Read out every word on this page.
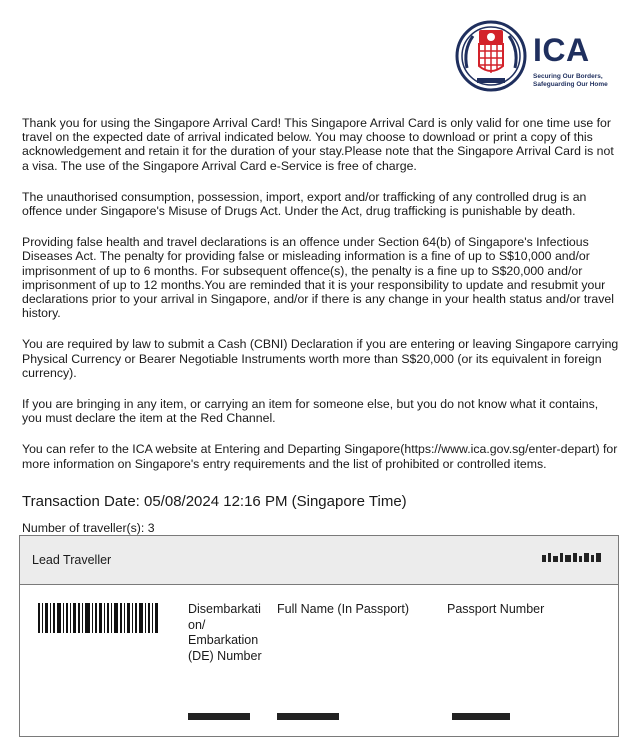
ICA
Securing Our Borders,
Safeguarding Our Home

Thank you for using the Singapore Arrival Card! This Singapore Arrival Card is only valid for one time use for travel on the expected date of arrival indicated below. You may choose to download or print a copy of this acknowledgement and retain it for the duration of your stay.Please note that the Singapore Arrival Card is not a visa. The use of the Singapore Arrival Card e-Service is free of charge.

The unauthorised consumption, possession, import, export and/or trafficking of any controlled drug is an offence under Singapore's Misuse of Drugs Act. Under the Act, drug trafficking is punishable by death.

Providing false health and travel declarations is an offence under Section 64(b) of Singapore's Infectious Diseases Act. The penalty for providing false or misleading information is a fine of up to S$10,000 and/or imprisonment of up to 6 months. For subsequent offence(s), the penalty is a fine up to S$20,000 and/or imprisonment of up to 12 months.You are reminded that it is your responsibility to update and resubmit your declarations prior to your arrival in Singapore, and/or if there is any change in your health status and/or travel history.

You are required by law to submit a Cash (CBNI) Declaration if you are entering or leaving Singapore carrying Physical Currency or Bearer Negotiable Instruments worth more than S$20,000 (or its equivalent in foreign currency).

If you are bringing in any item, or carrying an item for someone else, but you do not know what it contains, you must declare the item at the Red Channel.

You can refer to the ICA website at Entering and Departing Singapore(https://www.ica.gov.sg/enter-depart) for more information on Singapore's entry requirements and the list of prohibited or controlled items.

Transaction Date: 05/08/2024 12:16 PM (Singapore Time)
Number of traveller(s): 3
Lead Traveller
Disembarkati on/ Embarkation (DE) Number
Full Name (In Passport)	Passport Number
